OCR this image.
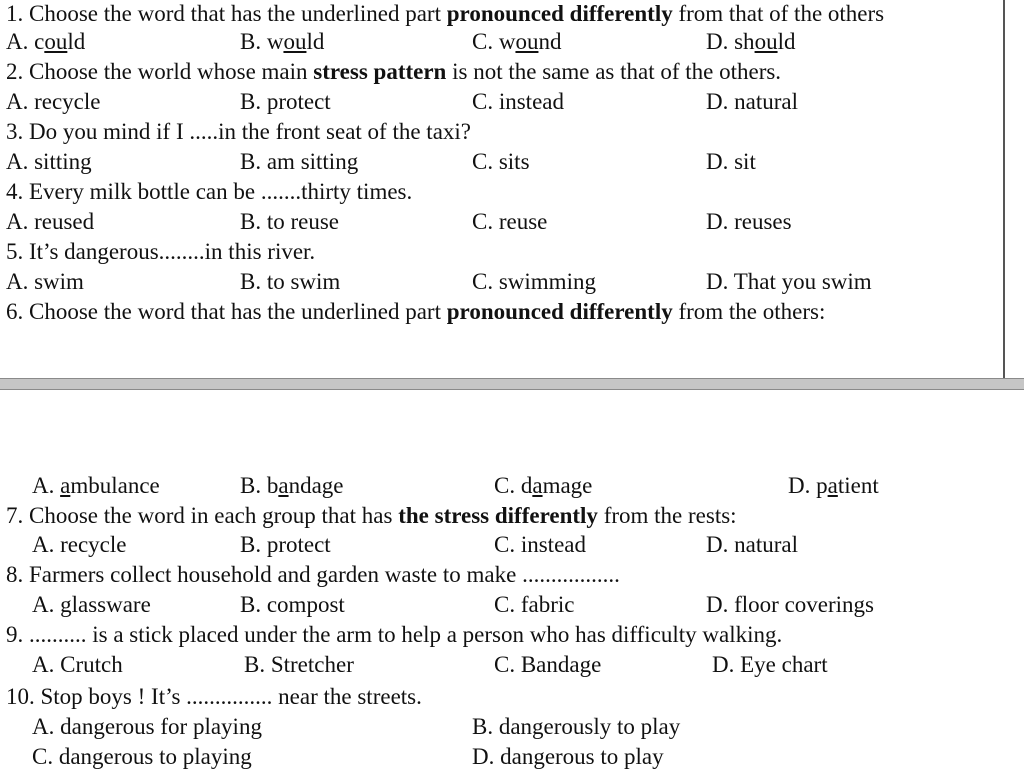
1. Choose the word that has the underlined part pronounced differently from that of the others
A. could	B. would	C. wound	D. should
2. Choose the world whose main stress pattern is not the same as that of the others.
A. recycle	B. protect	C. instead	D. natural
3. Do you mind if I .....in the front seat of the taxi?
A. sitting	B. am sitting	C. sits	D. sit
4. Every milk bottle can be .......thirty times.
A. reused	B. to reuse	C. reuse	D. reuses
5. It’s dangerous........in this river.
A. swim	B. to swim	C. swimming	D. That you swim
6. Choose the word that has the underlined part pronounced differently from the others:
A. ambulance	B. bandage	C. damage	D. patient
7. Choose the word in each group that has the stress differently from the rests:
A. recycle	B. protect	C. instead	D. natural
8. Farmers collect household and garden waste to make .................
A. glassware	B. compost	C. fabric	D. floor coverings
9. .......... is a stick placed under the arm to help a person who has difficulty walking.
A. Crutch	B. Stretcher	C. Bandage	D. Eye chart
10. Stop boys ! It’s ............... near the streets.
A. dangerous for playing	B. dangerously to play
C. dangerous to playing	D. dangerous to play
